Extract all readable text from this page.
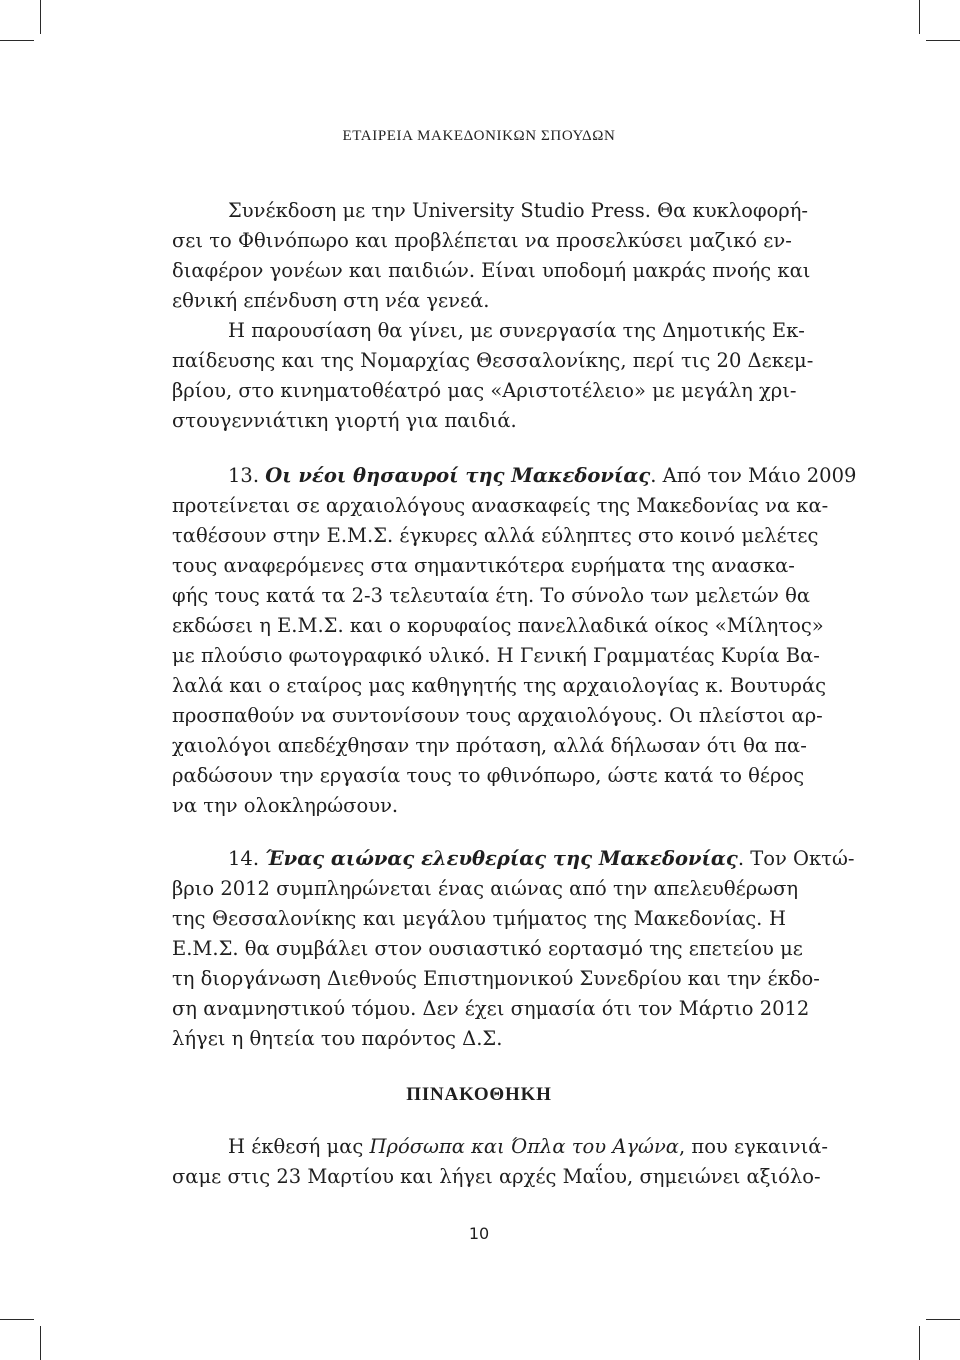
ΕΤΑΙΡΕΙΑ ΜΑΚΕΔΟΝΙΚΩΝ ΣΠΟΥΔΩΝ
Συνέκδοση με την University Studio Press. Θα κυκλοφορή-
σει το Φθινόπωρο και προβλέπεται να προσελκύσει μαζικό εν-
διαφέρον γονέων και παιδιών. Είναι υποδομή μακράς πνοής και
εθνική επένδυση στη νέα γενεά.
Η παρουσίαση θα γίνει, με συνεργασία της Δημοτικής Εκ-
παίδευσης και της Νομαρχίας Θεσσαλονίκης, περί τις 20 Δεκεμ-
βρίου, στο κινηματοθέατρό μας «Αριστοτέλειο» με μεγάλη χρι-
στουγεννιάτικη γιορτή για παιδιά.
13. Οι νέοι θησαυροί της Μακεδονίας. Από τον Μάιο 2009
προτείνεται σε αρχαιολόγους ανασκαφείς της Μακεδονίας να κα-
ταθέσουν στην Ε.Μ.Σ. έγκυρες αλλά εύληπτες στο κοινό μελέτες
τους αναφερόμενες στα σημαντικότερα ευρήματα της ανασκα-
φής τους κατά τα 2-3 τελευταία έτη. Το σύνολο των μελετών θα
εκδώσει η Ε.Μ.Σ. και ο κορυφαίος πανελλαδικά οίκος «Μίλητος»
με πλούσιο φωτογραφικό υλικό. Η Γενική Γραμματέας Κυρία Βα-
λαλά και ο εταίρος μας καθηγητής της αρχαιολογίας κ. Βουτυράς
προσπαθούν να συντονίσουν τους αρχαιολόγους. Οι πλείστοι αρ-
χαιολόγοι απεδέχθησαν την πρόταση, αλλά δήλωσαν ότι θα πα-
ραδώσουν την εργασία τους το φθινόπωρο, ώστε κατά το θέρος
να την ολοκληρώσουν.
14. Ένας αιώνας ελευθερίας της Μακεδονίας. Τον Οκτώ-
βριο 2012 συμπληρώνεται ένας αιώνας από την απελευθέρωση
της Θεσσαλονίκης και μεγάλου τμήματος της Μακεδονίας. Η
Ε.Μ.Σ. θα συμβάλει στον ουσιαστικό εορτασμό της επετείου με
τη διοργάνωση Διεθνούς Επιστημονικού Συνεδρίου και την έκδο-
ση αναμνηστικού τόμου. Δεν έχει σημασία ότι τον Μάρτιο 2012
λήγει η θητεία του παρόντος Δ.Σ.
ΠΙΝΑΚΟΘΗΚΗ
Η έκθεσή μας Πρόσωπα και Όπλα του Αγώνα, που εγκαινιά-
σαμε στις 23 Μαρτίου και λήγει αρχές Μαΐου, σημειώνει αξιόλο-
10
